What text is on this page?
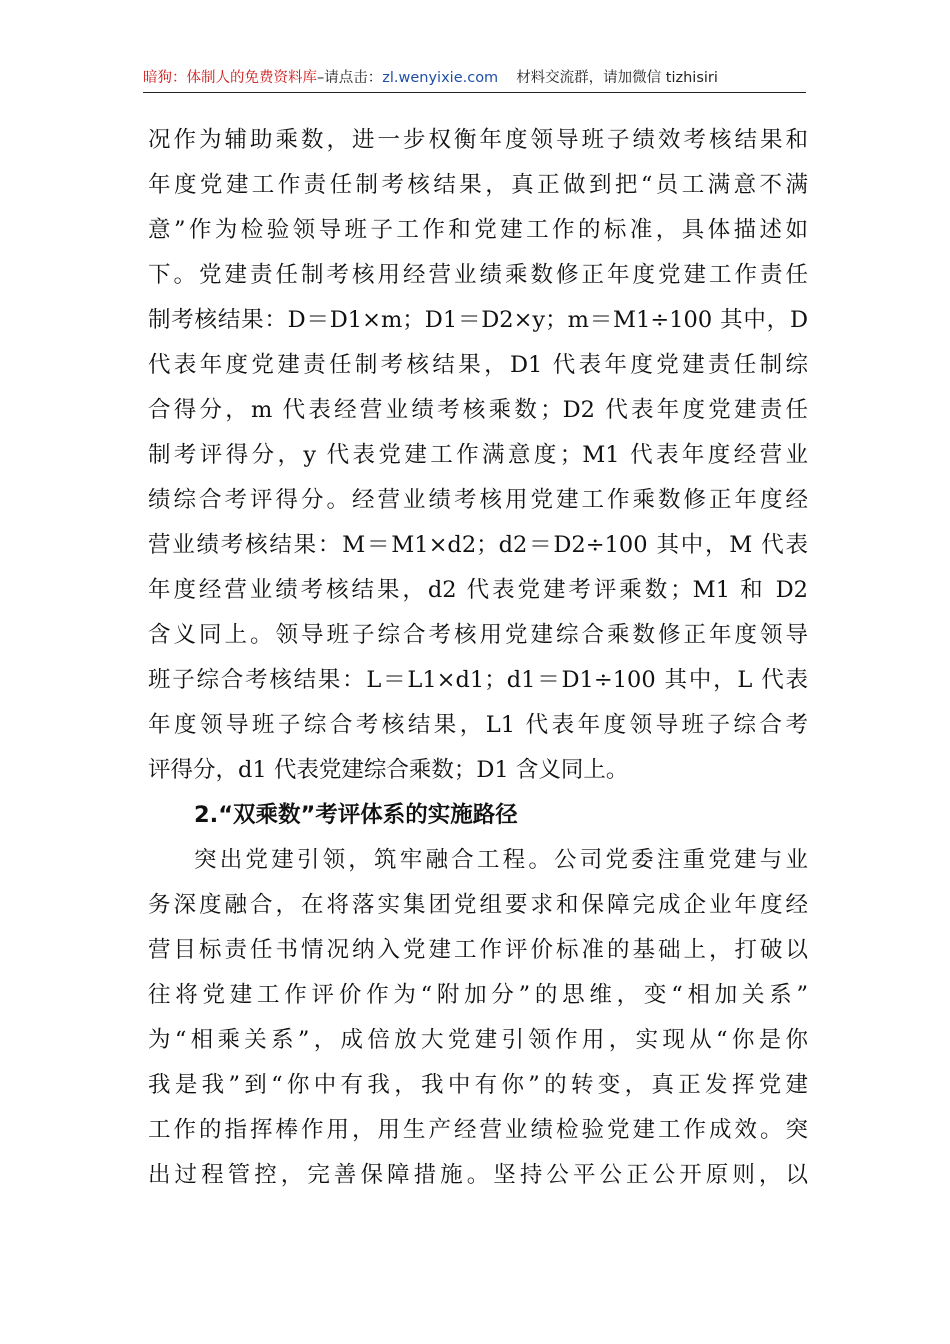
暗狗：体制人的免费资料库–请点击：zl.wenyixie.com 材料交流群，请加微信 tizhisiri
况作为辅助乘数，进一步权衡年度领导班子绩效考核结果和
年度党建工作责任制考核结果，真正做到把“员工满意不满
意”作为检验领导班子工作和党建工作的标准，具体描述如
下。党建责任制考核用经营业绩乘数修正年度党建工作责任
制考核结果：D＝D1×m；D1＝D2×y；m＝M1÷100 其中，D
代表年度党建责任制考核结果，D1 代表年度党建责任制综
合得分，m 代表经营业绩考核乘数；D2 代表年度党建责任
制考评得分，y 代表党建工作满意度；M1 代表年度经营业
绩综合考评得分。经营业绩考核用党建工作乘数修正年度经
营业绩考核结果：M＝M1×d2；d2＝D2÷100 其中，M 代表
年度经营业绩考核结果，d2 代表党建考评乘数；M1 和 D2
含义同上。领导班子综合考核用党建综合乘数修正年度领导
班子综合考核结果：L＝L1×d1；d1＝D1÷100 其中，L 代表
年度领导班子综合考核结果，L1 代表年度领导班子综合考
评得分，d1 代表党建综合乘数；D1 含义同上。
2.“双乘数”考评体系的实施路径
突出党建引领，筑牢融合工程。公司党委注重党建与业
务深度融合，在将落实集团党组要求和保障完成企业年度经
营目标责任书情况纳入党建工作评价标准的基础上，打破以
往将党建工作评价作为“附加分”的思维，变“相加关系”
为“相乘关系”，成倍放大党建引领作用，实现从“你是你
我是我”到“你中有我，我中有你”的转变，真正发挥党建
工作的指挥棒作用，用生产经营业绩检验党建工作成效。突
出过程管控，完善保障措施。坚持公平公正公开原则，以
